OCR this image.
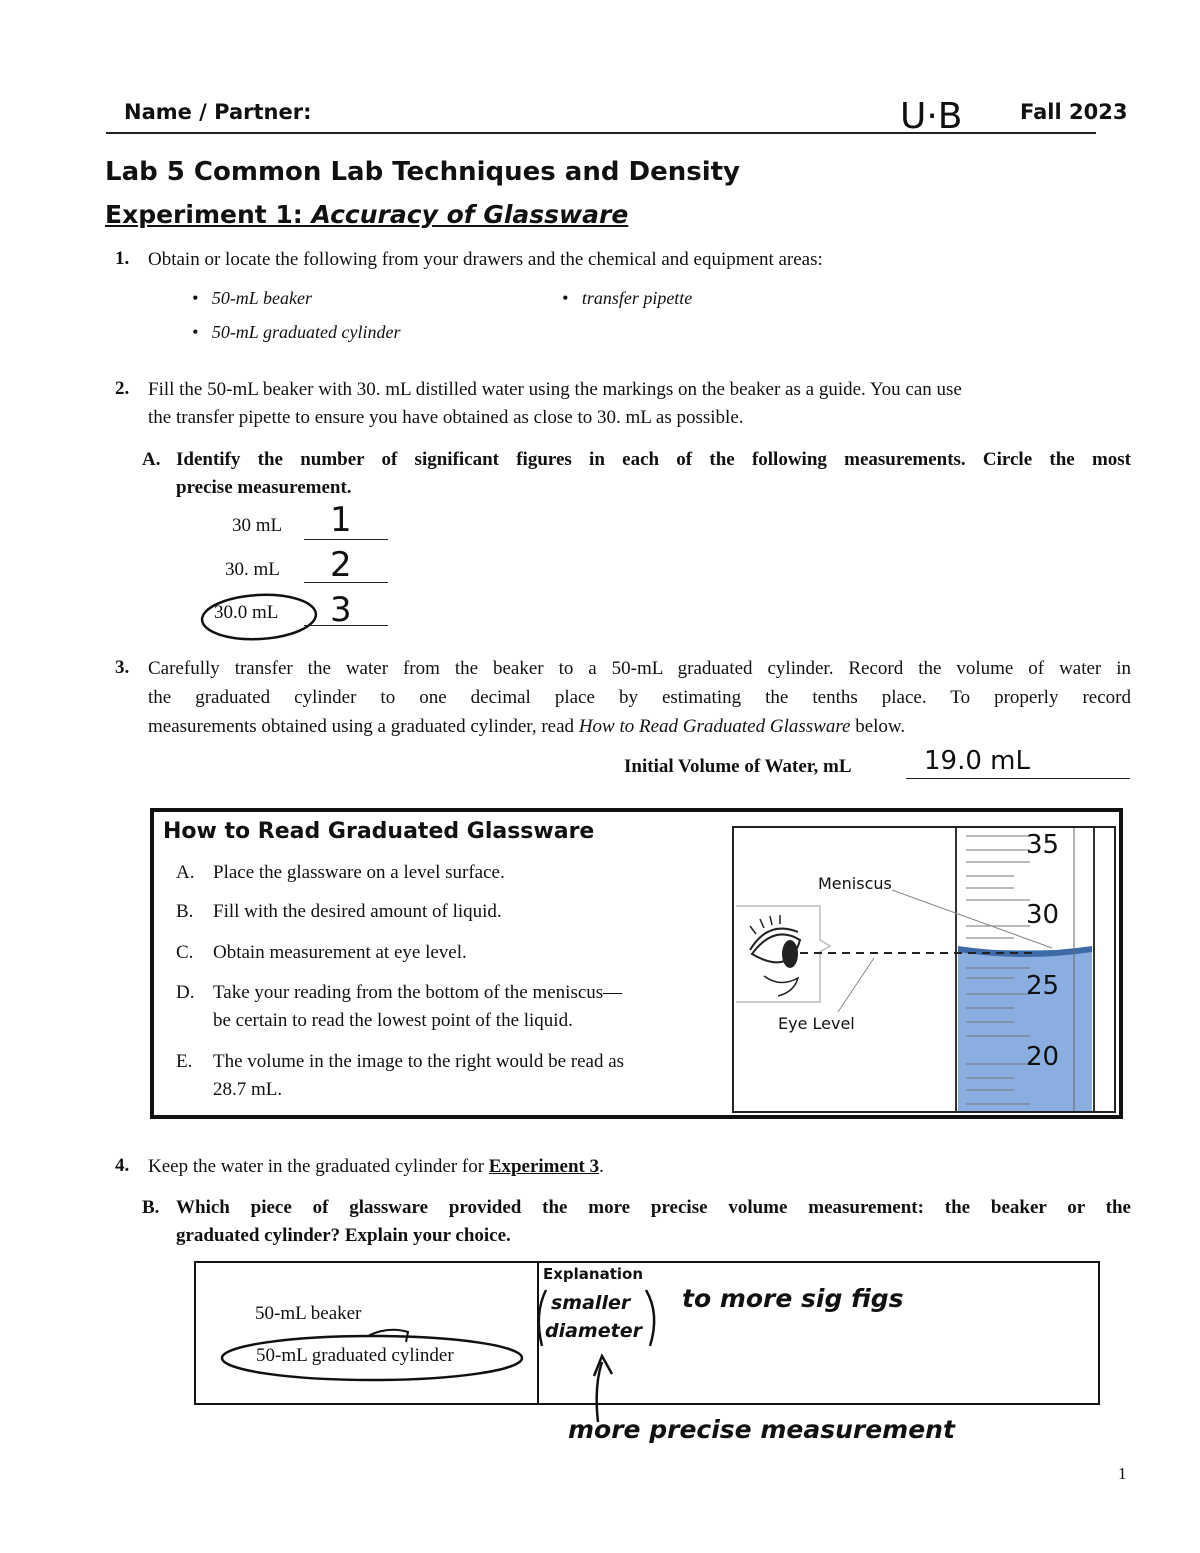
Name / Partner:	U·B	Fall 2023
Lab 5 Common Lab Techniques and Density
Experiment 1: Accuracy of Glassware
1. Obtain or locate the following from your drawers and the chemical and equipment areas:
•   50-mL beaker	•   transfer pipette
•   50-mL graduated cylinder
2. Fill the 50-mL beaker with 30. mL distilled water using the markings on the beaker as a guide. You can use
the transfer pipette to ensure you have obtained as close to 30. mL as possible.
A. Identify the number of significant figures in each of the following measurements. Circle the most
precise measurement.
30 mL 1
30. mL 2
30.0 mL 3
3. Carefully transfer the water from the beaker to a 50-mL graduated cylinder. Record the volume of water in
the graduated cylinder to one decimal place by estimating the tenths place. To properly record
measurements obtained using a graduated cylinder, read How to Read Graduated Glassware below.
Initial Volume of Water, mL	19.0 mL
How to Read Graduated Glassware
A. Place the glassware on a level surface.
B. Fill with the desired amount of liquid.
C. Obtain measurement at eye level.
D. Take your reading from the bottom of the meniscus—
be certain to read the lowest point of the liquid.
E. The volume in the image to the right would be read as
28.7 mL.
Meniscus
Eye Level
35
30
25
20
4. Keep the water in the graduated cylinder for Experiment 3.
B. Which piece of glassware provided the more precise volume measurement: the beaker or the
graduated cylinder? Explain your choice.

50-mL beaker
50-mL graduated cylinder
Explanation
smaller
diameter
to more sig figs
more precise measurement
1
